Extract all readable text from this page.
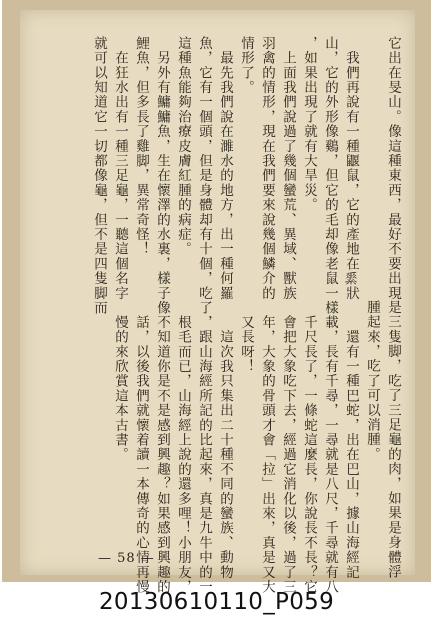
它出在旻山。像這種東西，最好不要出現
　我們再說有一種鼴鼠，它的產地在𦃃狀
山，它的外形像鷄，但它的毛却像老鼠一樣
，如果出現了就有大旱災。
　上面我們說過了幾個蠻荒、異域、獸族
羽禽的情形，現在我們要來說幾個鱗介的
情形了。
　最先我們說在濉水的地方，出一種何羅
魚，它有一個頭，但是身體却有十個，吃了
這種魚能夠治療皮膚紅腫的病症。
　另外有鱅鱅魚，生在懷澤的水裏，樣子像
鯉魚，但多長了雞脚，異常奇怪！
　在狂水出有一種三足龜，一聽這個名字
就可以知道它一切都像龜，但不是四隻脚而
是三隻脚，吃了三足龜的肉，如果是身體浮
腫起來，吃了可以消腫。
　還有一種巴蛇，出在巴山，據山海經記
載，長有千尋，一尋就是八尺，千尋就有八
千尺長了，一條蛇這麼長，你說長不長？它
會把大象吃下去，經過它消化以後，過了三
年，大象的骨頭才會「拉」出來，真是又大
又長呀！
　這次我只集出二十種不同的蠻族、動物
，跟山海經所記的比起來，真是九牛中的一
根毛而已，山海經上說的還多哩！小朋友，
不知道你是不是感到興趣？如果感到興趣的
話，以後我們就懷着讀一本傳奇的心情再慢
慢的來欣賞這本古書。
— 58 —
20130610110_P059
